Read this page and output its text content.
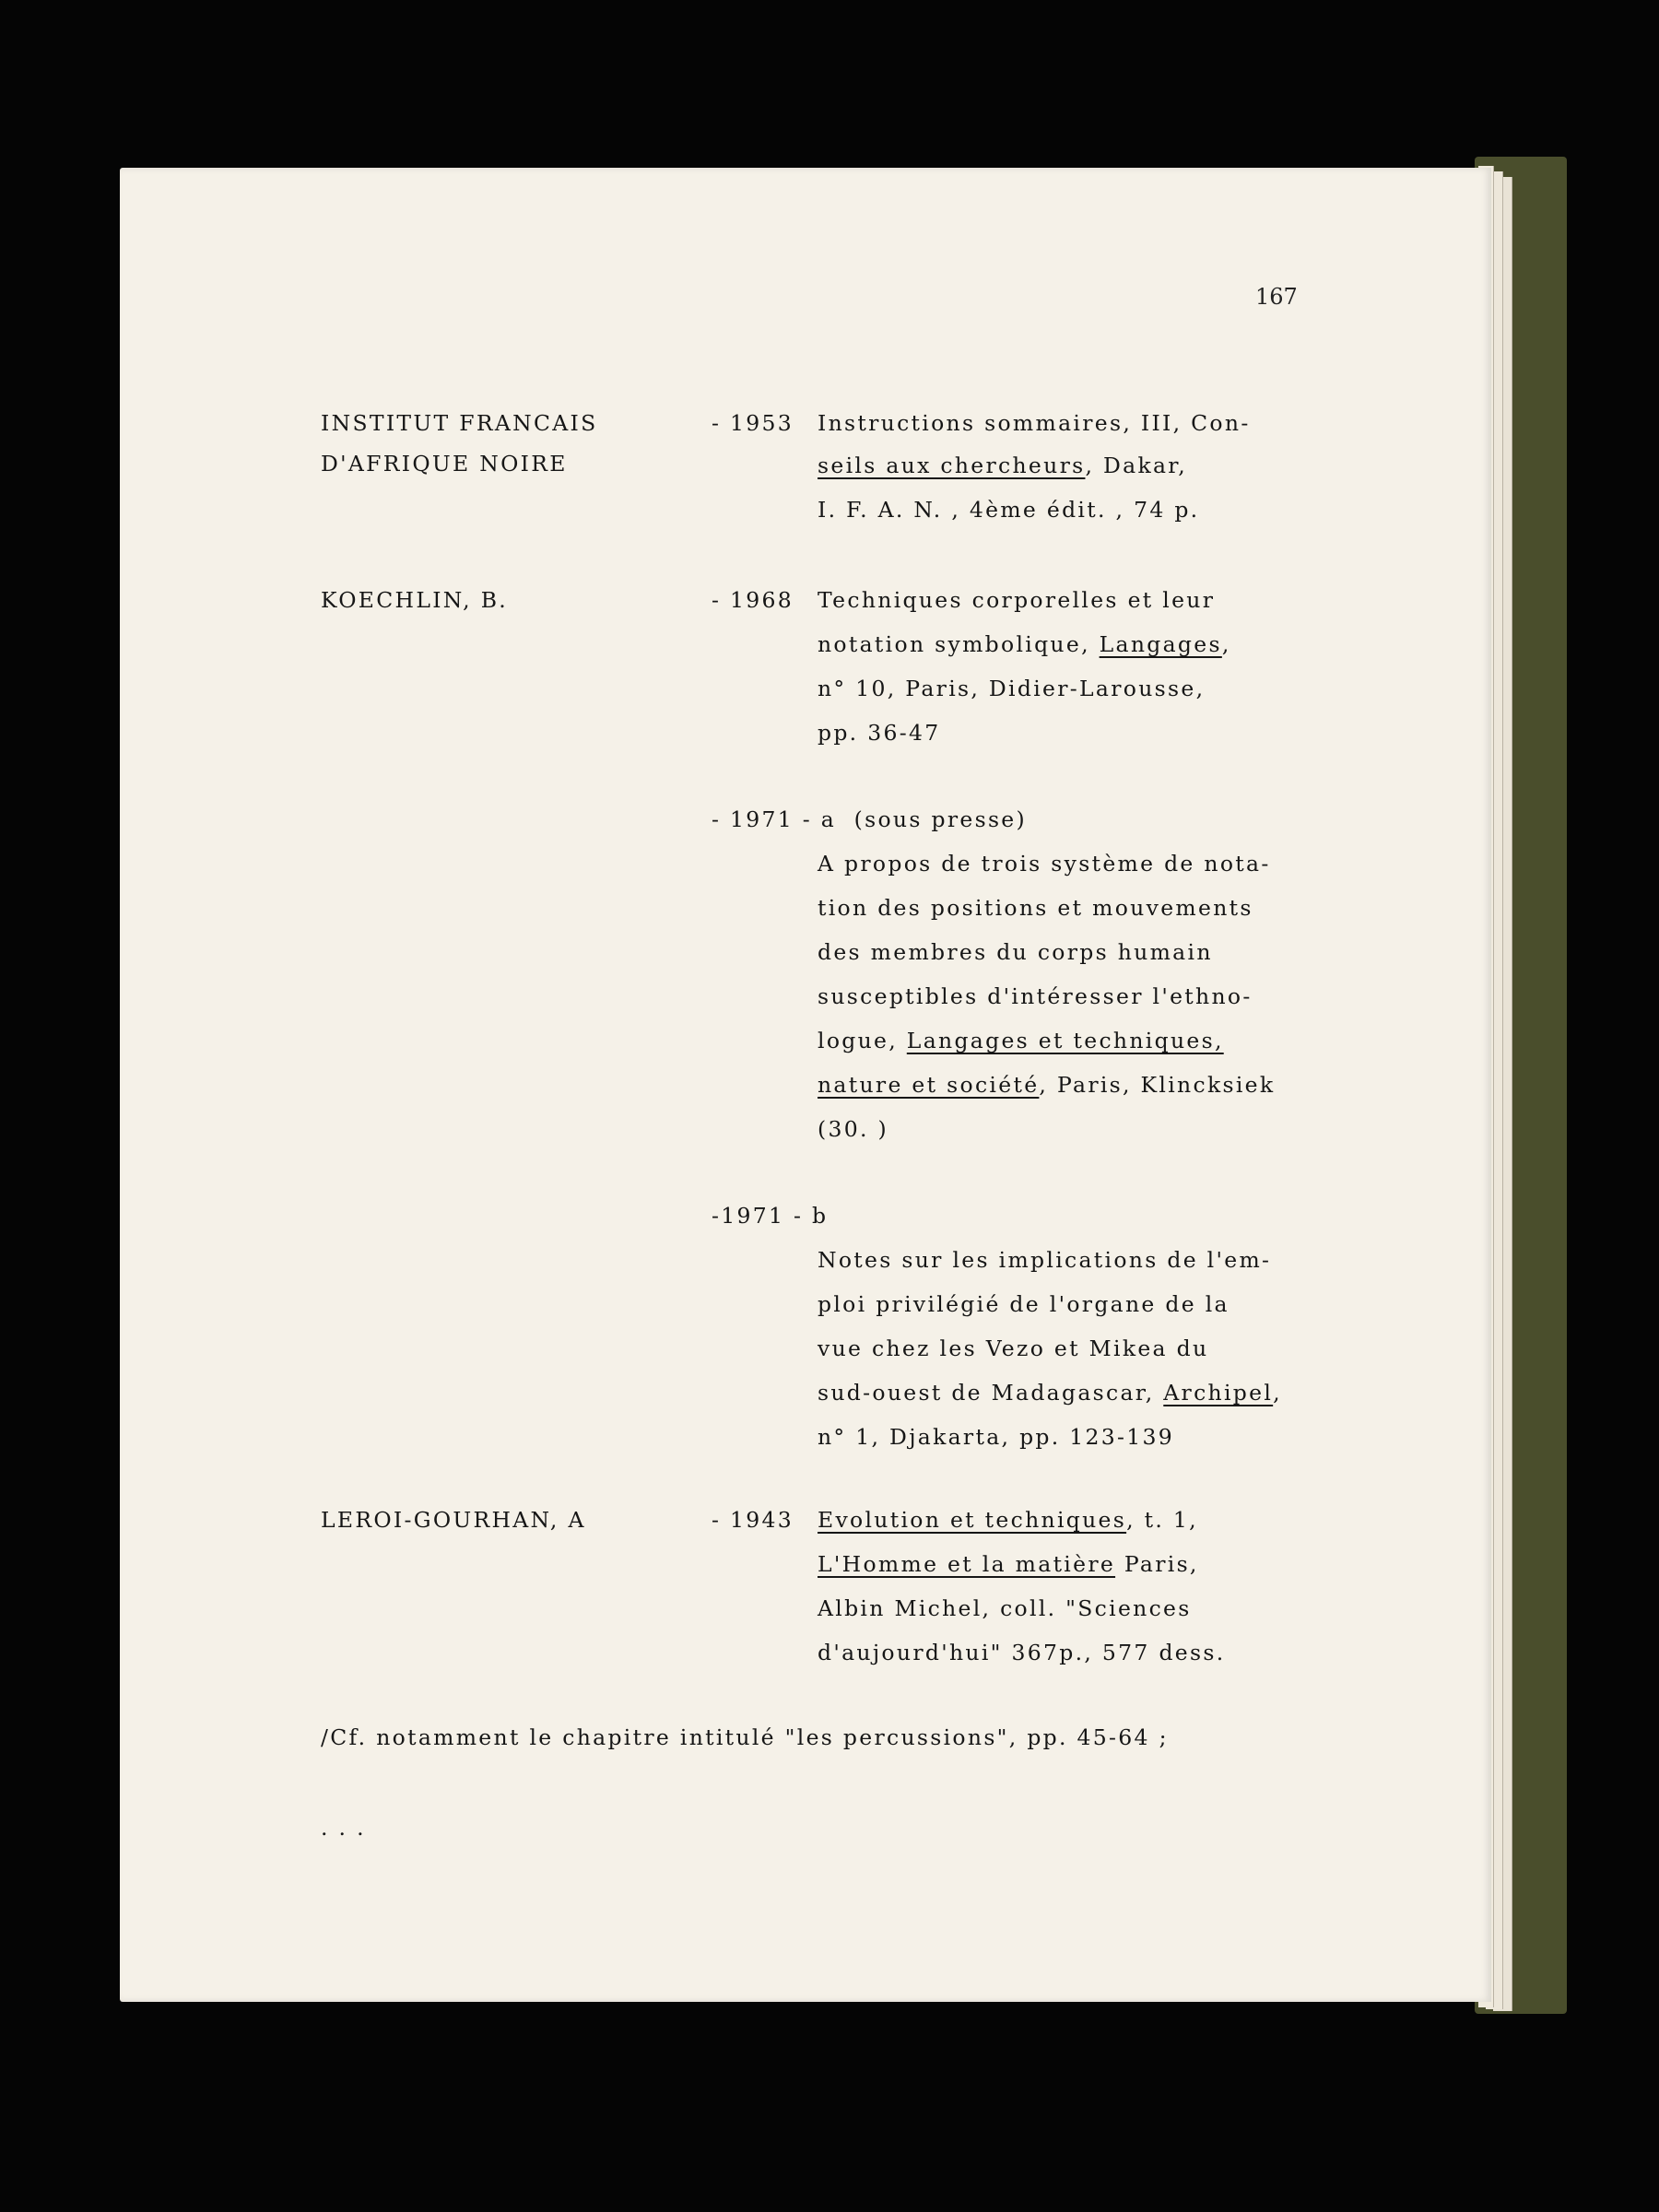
167
INSTITUT FRANCAIS
D'AFRIQUE NOIRE
- 1953 Instructions sommaires, III, Con-
seils aux chercheurs, Dakar,
I. F. A. N. , 4ème édit. , 74 p.
KOECHLIN, B.	- 1968 Techniques corporelles et leur
notation symbolique, Langages,
n° 10, Paris, Didier-Larousse,
pp. 36-47
- 1971 - a (sous presse)
A propos de trois système de nota-
tion des positions et mouvements
des membres du corps humain
susceptibles d'intéresser l'ethno-
logue, Langages et techniques,
nature et société, Paris, Klincksiek
(30. )
-1971 - b
Notes sur les implications de l'em-
ploi privilégié de l'organe de la
vue chez les Vezo et Mikea du
sud-ouest de Madagascar, Archipel,
n° 1, Djakarta, pp. 123-139
LEROI-GOURHAN, A	- 1943 Evolution et techniques, t. 1,
L'Homme et la matière Paris,
Albin Michel, coll. "Sciences
d'aujourd'hui" 367p., 577 dess.
/Cf. notamment le chapitre intitulé "les percussions", pp. 45-64 ;
. . .
